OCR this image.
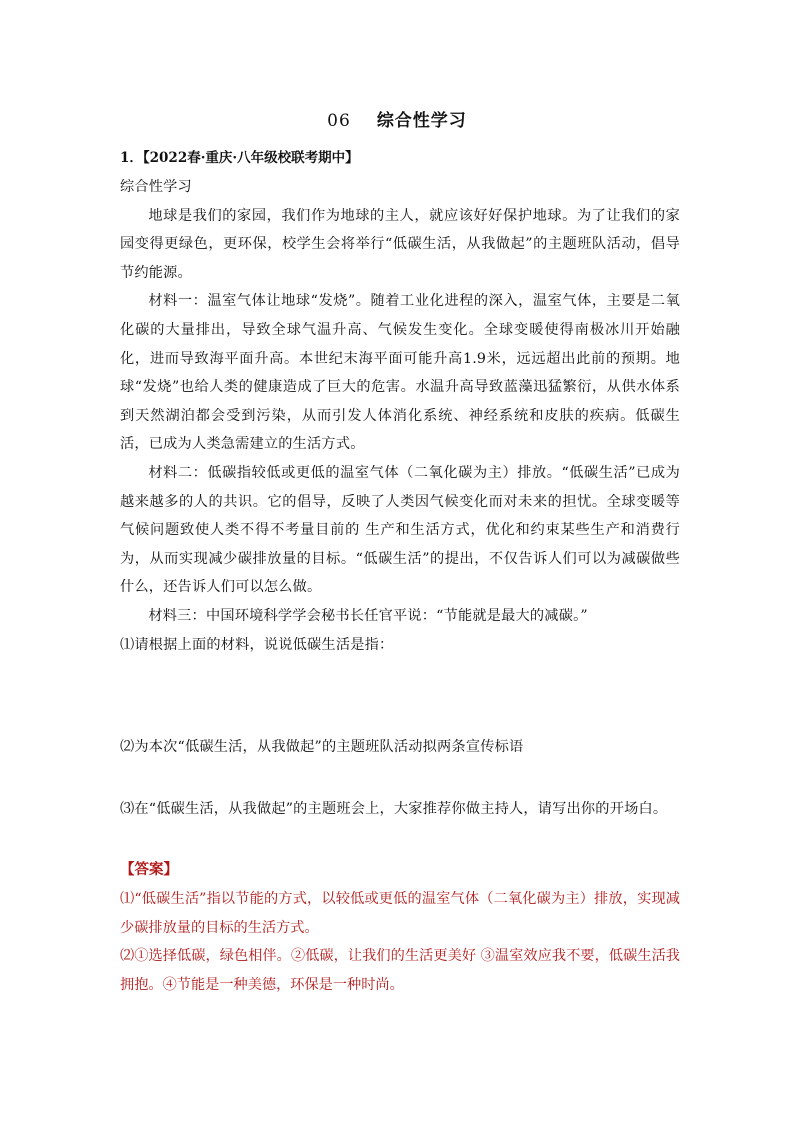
06 综合性学习
1．【2022春·重庆·八年级校联考期中】

综合性学习

地球是我们的家园，我们作为地球的主人，就应该好好保护地球。为了让我们的家园变得更绿色，更环保，校学生会将举行“低碳生活，从我做起”的主题班队活动，倡导节约能源。

材料一：温室气体让地球“发烧”。随着工业化进程的深入，温室气体，主要是二氧化碳的大量排出，导致全球气温升高、气候发生变化。全球变暖使得南极冰川开始融化，进而导致海平面升高。本世纪末海平面可能升高1.9米，远远超出此前的预期。地球“发烧”也给人类的健康造成了巨大的危害。水温升高导致蓝藻迅猛繁衍，从供水体系到天然湖泊都会受到污染，从而引发人体消化系统、神经系统和皮肤的疾病。低碳生活，已成为人类急需建立的生活方式。

材料二：低碳指较低或更低的温室气体（二氧化碳为主）排放。“低碳生活”已成为越来越多的人的共识。它的倡导，反映了人类因气候变化而对未来的担忧。全球变暖等气候问题致使人类不得不考量目前的 生产和生活方式，优化和约束某些生产和消费行为，从而实现减少碳排放量的目标。“低碳生活”的提出，不仅告诉人们可以为减碳做些什么，还告诉人们可以怎么做。

材料三：中国环境科学学会秘书长任官平说：“节能就是最大的减碳。”

⑴请根据上面的材料，说说低碳生活是指：

⑵为本次“低碳生活，从我做起”的主题班队活动拟两条宣传标语

⑶在“低碳生活，从我做起”的主题班会上，大家推荐你做主持人，请写出你的开场白。

【答案】

⑴“低碳生活”指以节能的方式，以较低或更低的温室气体（二氧化碳为主）排放，实现减少碳排放量的目标的生活方式。

⑵①选择低碳，绿色相伴。②低碳，让我们的生活更美好 ③温室效应我不要，低碳生活我拥抱。④节能是一种美德，环保是一种时尚。
